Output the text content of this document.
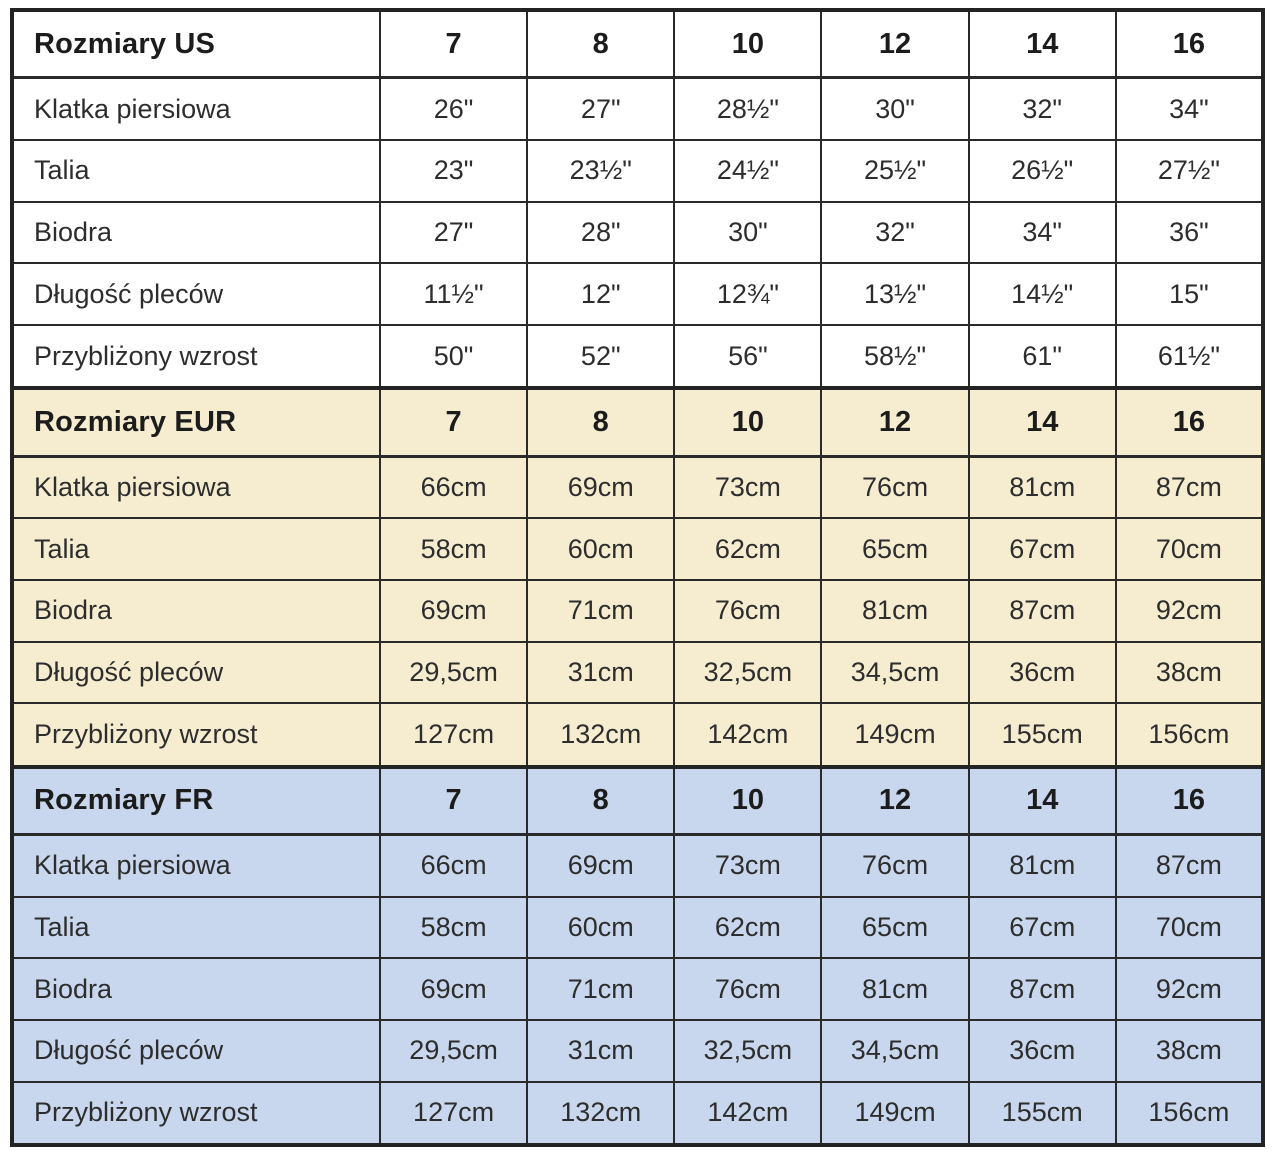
Rozmiary US	7	8	10	12	14	16
Klatka piersiowa	26"	27"	28½"	30"	32"	34"
Talia	23"	23½"	24½"	25½"	26½"	27½"
Biodra	27"	28"	30"	32"	34"	36"
Długość pleców	11½"	12"	12¾"	13½"	14½"	15"
Przybliżony wzrost	50"	52"	56"	58½"	61"	61½"
Rozmiary EUR	7	8	10	12	14	16
Klatka piersiowa	66cm	69cm	73cm	76cm	81cm	87cm
Talia	58cm	60cm	62cm	65cm	67cm	70cm
Biodra	69cm	71cm	76cm	81cm	87cm	92cm
Długość pleców	29,5cm	31cm	32,5cm	34,5cm	36cm	38cm
Przybliżony wzrost	127cm	132cm	142cm	149cm	155cm	156cm
Rozmiary FR	7	8	10	12	14	16
Klatka piersiowa	66cm	69cm	73cm	76cm	81cm	87cm
Talia	58cm	60cm	62cm	65cm	67cm	70cm
Biodra	69cm	71cm	76cm	81cm	87cm	92cm
Długość pleców	29,5cm	31cm	32,5cm	34,5cm	36cm	38cm
Przybliżony wzrost	127cm	132cm	142cm	149cm	155cm	156cm
